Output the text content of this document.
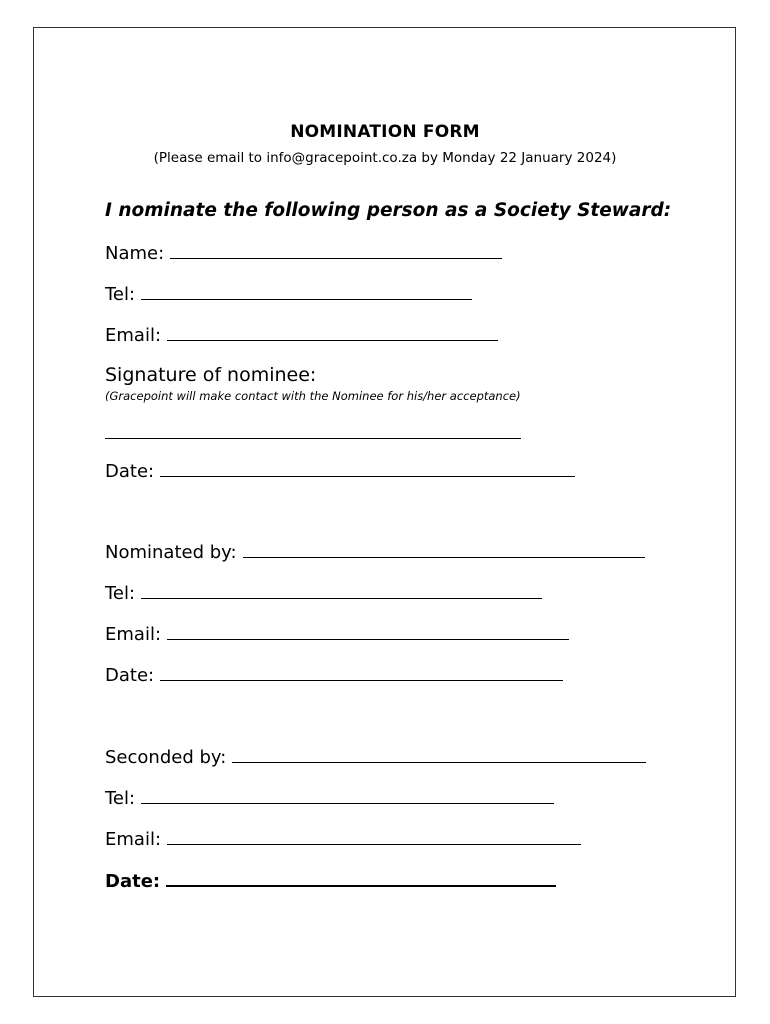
NOMINATION FORM
(Please email to info@gracepoint.co.za by Monday 22 January 2024)
I nominate the following person as a Society Steward:
Name:
Tel:
Email:
Signature of nominee:
(Gracepoint will make contact with the Nominee for his/her acceptance)
Date:
Nominated by:
Tel:
Email:
Date:
Seconded by:
Tel:
Email:
Date:
